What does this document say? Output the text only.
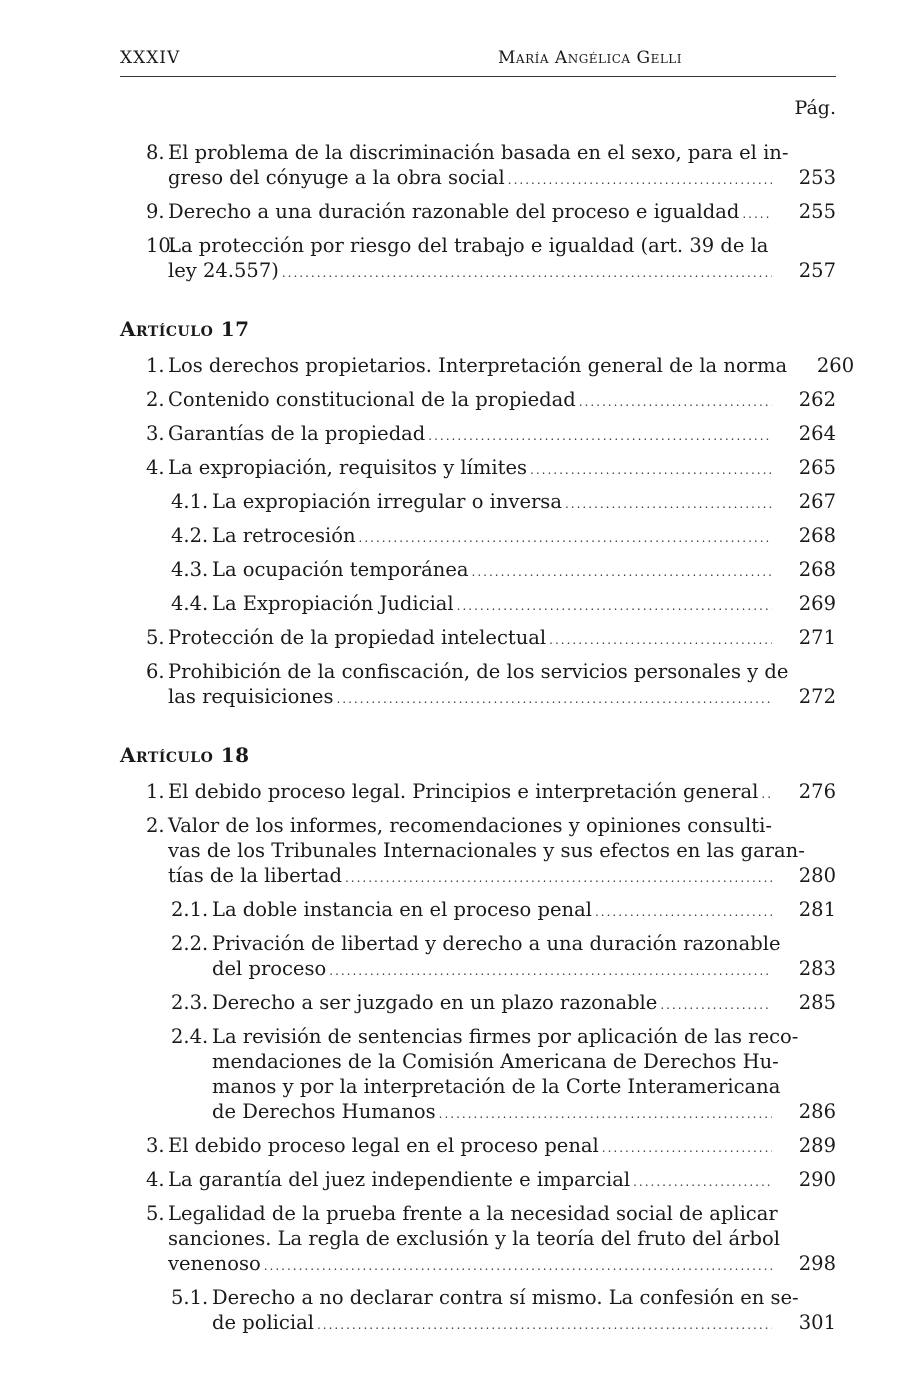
XXXIV	María Angélica Gelli
Pág.
8. El problema de la discriminación basada en el sexo, para el in-
greso del cónyuge a la obra social .....	253
9. Derecho a una duración razonable del proceso e igualdad .....	255
10.
La protección por riesgo del trabajo e igualdad (art. 39 de la
ley 24.557) .....	257
Artículo 17
1. Los derechos propietarios. Interpretación general de la norma	260
2. Contenido constitucional de la propiedad .....	262
3. Garantías de la propiedad .....	264
4. La expropiación, requisitos y límites .....	265
4.1. La expropiación irregular o inversa .....	267
4.2. La retrocesión .....	268
4.3. La ocupación temporánea .....	268
4.4. La Expropiación Judicial .....	269
5. Protección de la propiedad intelectual .....	271
6. Prohibición de la confiscación, de los servicios personales y de
las requisiciones .....	272
Artículo 18
1. El debido proceso legal. Principios e interpretación general .....	276
2. Valor de los informes, recomendaciones y opiniones consulti-
vas de los Tribunales Internacionales y sus efectos en las garan-
tías de la libertad .....	280
2.1. La doble instancia en el proceso penal .....	281
2.2. Privación de libertad y derecho a una duración razonable
del proceso .....	283
2.3. Derecho a ser juzgado en un plazo razonable .....	285
2.4. La revisión de sentencias firmes por aplicación de las reco-
mendaciones de la Comisión Americana de Derechos Hu-
manos y por la interpretación de la Corte Interamericana
de Derechos Humanos .....	286
3. El debido proceso legal en el proceso penal .....	289
4. La garantía del juez independiente e imparcial .....	290
5. Legalidad de la prueba frente a la necesidad social de aplicar
sanciones. La regla de exclusión y la teoría del fruto del árbol
venenoso .....	298
5.1. Derecho a no declarar contra sí mismo. La confesión en se-
de policial .....	301
